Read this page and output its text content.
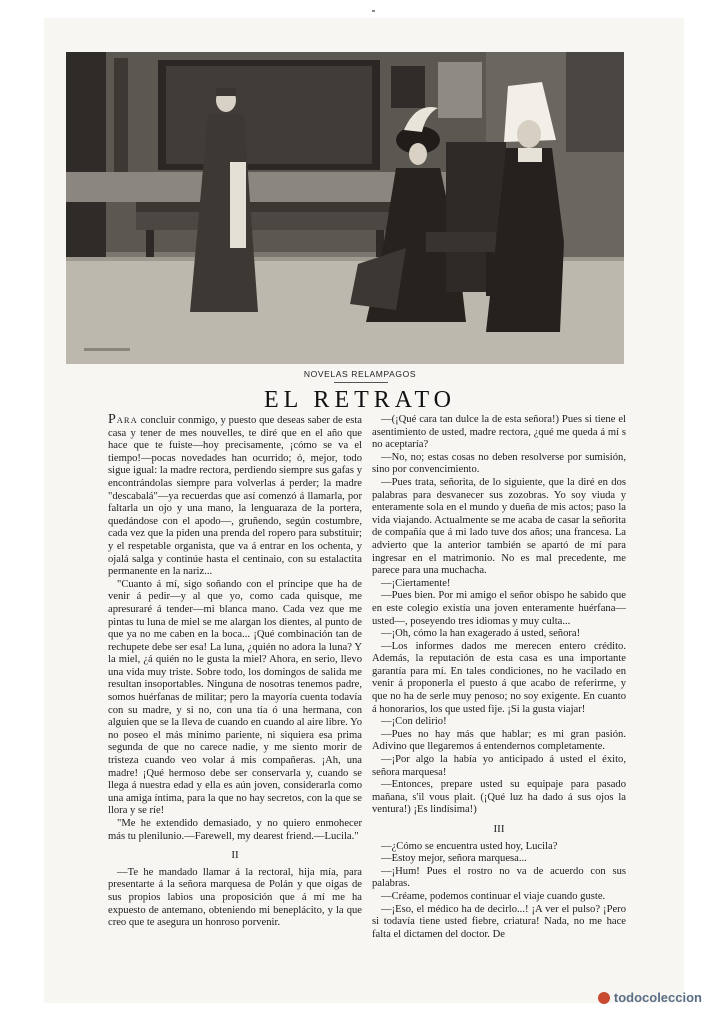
NOVELAS RELAMPAGOS
EL RETRATO

PARA concluir conmigo, y puesto que deseas saber de esta casa y tener de mes nouvelles, te diré que en el año que hace que te fuiste—hoy precisamente, ¡cómo se va el tiempo!—pocas novedades han ocurrido; ó, mejor, todo sigue igual: la madre rectora, perdiendo siempre sus gafas y encontrándolas siempre para volverlas á perder; la madre "descabalá"—ya recuerdas que así comenzó á llamarla, por faltarla un ojo y una mano, la lenguaraza de la portera, quedándose con el apodo—, gruñendo, según costumbre, cada vez que la piden una prenda del ropero para substituir; y el respetable organista, que va á entrar en los ochenta, y ojalá salga y continúe hasta el centinaio, con su estalactita permanente en la nariz...

"Cuanto á mí, sigo soñando con el príncipe que ha de venir á pedir—y al que yo, como cada quisque, me apresuraré á tender—mi blanca mano. Cada vez que me pintas tu luna de miel se me alargan los dientes, al punto de que ya no me caben en la boca... ¡Qué combinación tan de rechupete debe ser esa! La luna, ¿quién no adora la luna? Y la miel, ¿á quién no le gusta la miel? Ahora, en serio, llevo una vida muy triste. Sobre todo, los domingos de salida me resultan insoportables. Ninguna de nosotras tenemos padre, somos huérfanas de militar; pero la mayoría cuenta todavía con su madre, y si no, con una tía ó una hermana, con alguien que se la lleva de cuando en cuando al aire libre. Yo no poseo el más mínimo pariente, ni siquiera esa prima segunda de que no carece nadie, y me siento morir de tristeza cuando veo volar á mis compañeras. ¡Ah, una madre! ¡Qué hermoso debe ser conservarla y, cuando se llega á nuestra edad y ella es aún joven, considerarla como una amiga íntima, para la que no hay secretos, con la que se llora y se ríe!

"Me he extendido demasiado, y no quiero enmohecer más tu plenilunio.—Farewell, my dearest friend.—Lucila."

II

—Te he mandado llamar á la rectoral, hija mía, para presentarte á la señora marquesa de Polán y que oigas de sus propios labios una proposición que á mí me ha expuesto de antemano, obteniendo mi beneplácito, y la que creo que te asegura un honroso porvenir.

—(¡Qué cara tan dulce la de esta señora!) Pues si tiene el asentimiento de usted, madre rectora, ¿qué me queda á mí s no aceptaría?

—No, no; estas cosas no deben resolverse por sumisión, sino por convencimiento.

—Pues trata, señorita, de lo siguiente, que la diré en dos palabras para desvanecer sus zozobras. Yo soy viuda y enteramente sola en el mundo y dueña de mis actos; paso la vida viajando. Actualmente se me acaba de casar la señorita de compañía que á mi lado tuve dos años; una francesa. La advierto que la anterior también se apartó de mí para ingresar en el matrimonio. No es mal precedente, me parece para una muchacha.

—¡Ciertamente!

—Pues bien. Por mi amigo el señor obispo he sabido que en este colegio existía una joven enteramente huérfana—usted—, poseyendo tres idiomas y muy culta...

—¡Oh, cómo la han exagerado á usted, señora!

—Los informes dados me merecen entero crédito. Además, la reputación de esta casa es una importante garantía para mí. En tales condiciones, no he vacilado en venir á proponerla el puesto á que acabo de referirme, y que no ha de serle muy penoso; no soy exigente. En cuanto á honorarios, los que usted fije. ¡Si la gusta viajar!

—¡Con delirio!

—Pues no hay más que hablar; es mi gran pasión. Adivino que llegaremos á entendernos completamente.

—¡Por algo la había yo anticipado á usted el éxito, señora marquesa!

—Entonces, prepare usted su equipaje para pasado mañana, s'il vous plait. (¡Qué luz ha dado á sus ojos la ventura!) ¡Es lindísima!)

III

—¿Cómo se encuentra usted hoy, Lucila?

—Estoy mejor, señora marquesa...

—¡Hum! Pues el rostro no va de acuerdo con sus palabras.

—Créame, podemos continuar el viaje cuando guste.

—¡Eso, el médico ha de decirlo...! ¡A ver el pulso? ¡Pero si todavía tiene usted fiebre, criatura! Nada, no me hace falta el dictamen del doctor. De

todocoleccion
